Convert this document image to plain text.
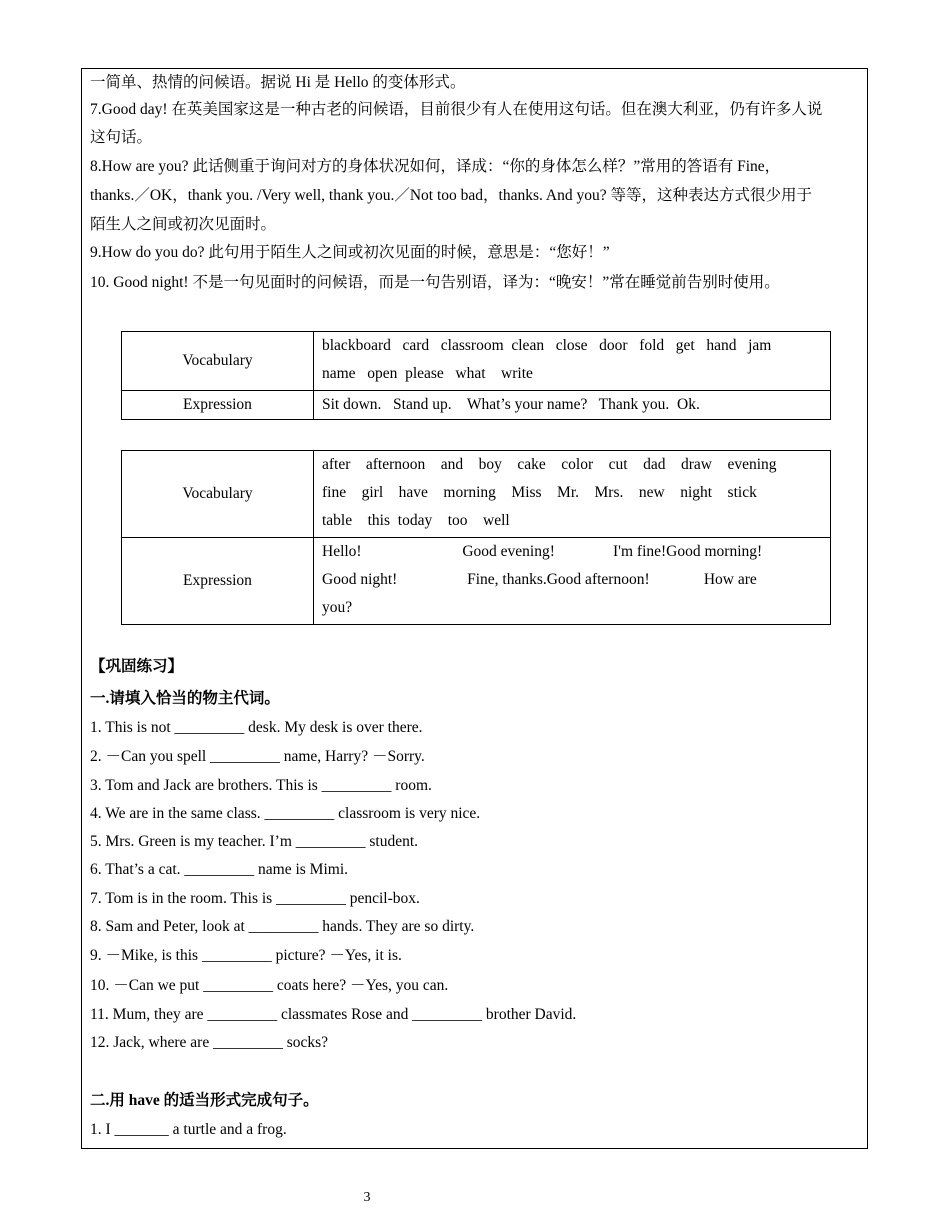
一简单、热情的问候语。据说 Hi 是 Hello 的变体形式。
7.Good day! 在英美国家这是一种古老的问候语，目前很少有人在使用这句话。但在澳大利亚，仍有许多人说
这句话。
8.How are you? 此话侧重于询问对方的身体状况如何，译成：“你的身体怎么样？”常用的答语有 Fine，
thanks.／OK，thank you. /Very well, thank you.／Not too bad，thanks. And you? 等等，这种表达方式很少用于
陌生人之间或初次见面时。
9.How do you do? 此句用于陌生人之间或初次见面的时候，意思是：“您好！”
10. Good night! 不是一句见面时的问候语，而是一句告别语，译为：“晚安！”常在睡觉前告别时使用。
Vocabulary	blackboard   card   classroom  clean   close   door   fold   get   hand   jam
name   open  please   what    write

Expression	Sit down.   Stand up.    What’s your name?   Thank you.  Ok.
Vocabulary	after    afternoon    and    boy    cake    color    cut    dad    draw    evening
fine    girl    have    morning    Miss    Mr.    Mrs.    new    night    stick
table    this  today    too    well

Expression	Hello!                          Good evening!               I'm fine!Good morning!
Good night!                  Fine, thanks.Good afternoon!              How are
you?
【巩固练习】
一.请填入恰当的物主代词。
1. This is not _________ desk. My desk is over there.
2. －Can you spell _________ name, Harry? －Sorry.
3. Tom and Jack are brothers. This is _________ room.
4. We are in the same class. _________ classroom is very nice.
5. Mrs. Green is my teacher. I’m _________ student.
6. That’s a cat. _________ name is Mimi.
7. Tom is in the room. This is _________ pencil-box.
8. Sam and Peter, look at _________ hands. They are so dirty.
9. －Mike, is this _________ picture? －Yes, it is.
10. －Can we put _________ coats here? －Yes, you can.
11. Mum, they are _________ classmates Rose and _________ brother David.
12. Jack, where are _________ socks?
二.用 have 的适当形式完成句子。
1. I _______ a turtle and a frog.
3
